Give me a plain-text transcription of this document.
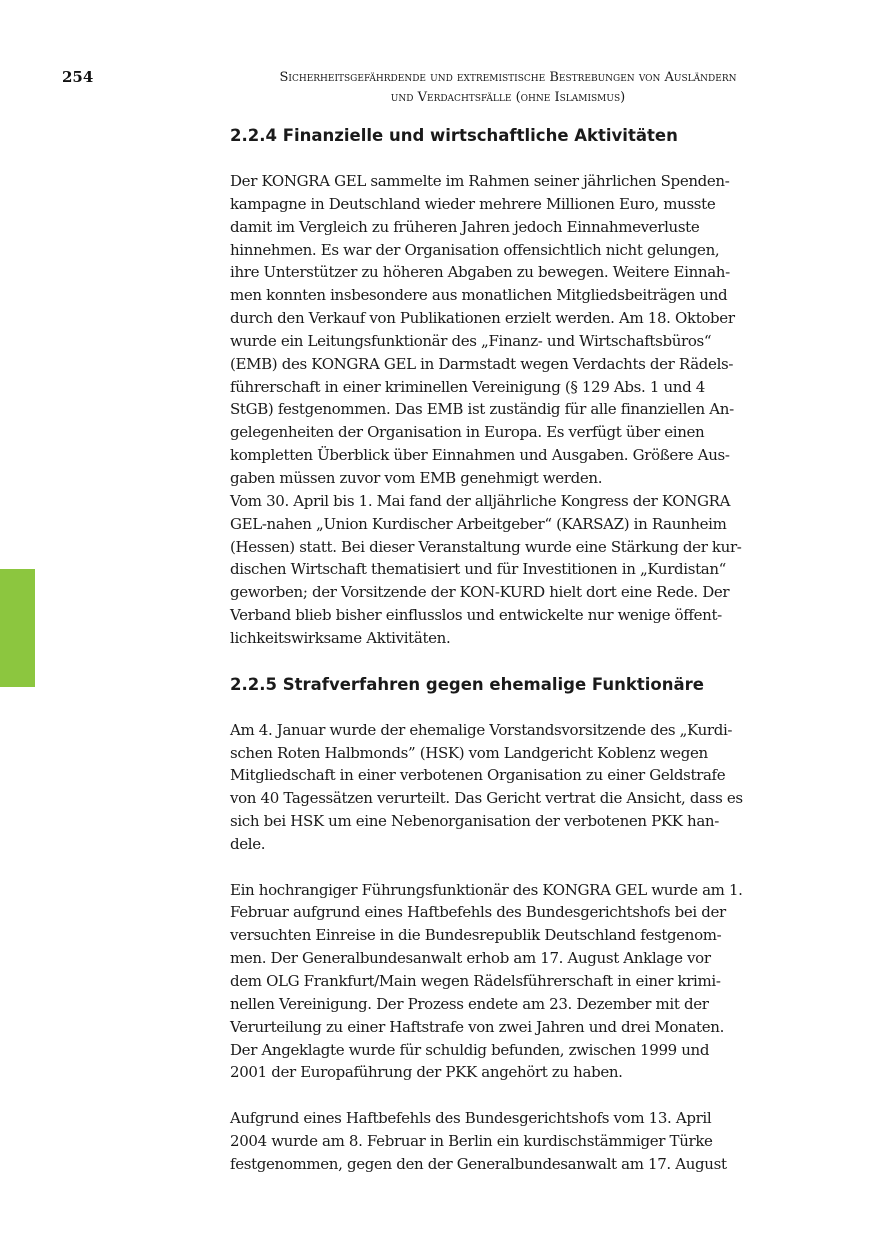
254	Sicherheitsgefährdende und extremistische Bestrebungen von Ausländern
und Verdachtsfälle (ohne Islamismus)
2.2.4 Finanzielle und wirtschaftliche Aktivitäten
Der KONGRA GEL sammelte im Rahmen seiner jährlichen Spenden-
kampagne in Deutschland wieder mehrere Millionen Euro, musste
damit im Vergleich zu früheren Jahren jedoch Einnahmeverluste
hinnehmen. Es war der Organisation offensichtlich nicht gelungen,
ihre Unterstützer zu höheren Abgaben zu bewegen. Weitere Einnah-
men konnten insbesondere aus monatlichen Mitgliedsbeiträgen und
durch den Verkauf von Publikationen erzielt werden. Am 18. Oktober
wurde ein Leitungsfunktionär des „Finanz- und Wirtschaftsbüros“
(EMB) des KONGRA GEL in Darmstadt wegen Verdachts der Rädels-
führerschaft in einer kriminellen Vereinigung (§ 129 Abs. 1 und 4
StGB) festgenommen. Das EMB ist zuständig für alle finanziellen An-
gelegenheiten der Organisation in Europa. Es verfügt über einen
kompletten Überblick über Einnahmen und Ausgaben. Größere Aus-
gaben müssen zuvor vom EMB genehmigt werden.
Vom 30. April bis 1. Mai fand der alljährliche Kongress der KONGRA
GEL-nahen „Union Kurdischer Arbeitgeber“ (KARSAZ) in Raunheim
(Hessen) statt. Bei dieser Veranstaltung wurde eine Stärkung der kur-
dischen Wirtschaft thematisiert und für Investitionen in „Kurdistan“
geworben; der Vorsitzende der KON-KURD hielt dort eine Rede. Der
Verband blieb bisher einflusslos und entwickelte nur wenige öffent-
lichkeitswirksame Aktivitäten.
2.2.5 Strafverfahren gegen ehemalige Funktionäre
Am 4. Januar wurde der ehemalige Vorstandsvorsitzende des „Kurdi-
schen Roten Halbmonds” (HSK) vom Landgericht Koblenz wegen
Mitgliedschaft in einer verbotenen Organisation zu einer Geldstrafe
von 40 Tagessätzen verurteilt. Das Gericht vertrat die Ansicht, dass es
sich bei HSK um eine Nebenorganisation der verbotenen PKK han-
dele.
Ein hochrangiger Führungsfunktionär des KONGRA GEL wurde am 1.
Februar aufgrund eines Haftbefehls des Bundesgerichtshofs bei der
versuchten Einreise in die Bundesrepublik Deutschland festgenom-
men. Der Generalbundesanwalt erhob am 17. August Anklage vor
dem OLG Frankfurt/Main wegen Rädelsführerschaft in einer krimi-
nellen Vereinigung. Der Prozess endete am 23. Dezember mit der
Verurteilung zu einer Haftstrafe von zwei Jahren und drei Monaten.
Der Angeklagte wurde für schuldig befunden, zwischen 1999 und
2001 der Europaführung der PKK angehört zu haben.
Aufgrund eines Haftbefehls des Bundesgerichtshofs vom 13. April
2004 wurde am 8. Februar in Berlin ein kurdischstämmiger Türke
festgenommen, gegen den der Generalbundesanwalt am 17. August
